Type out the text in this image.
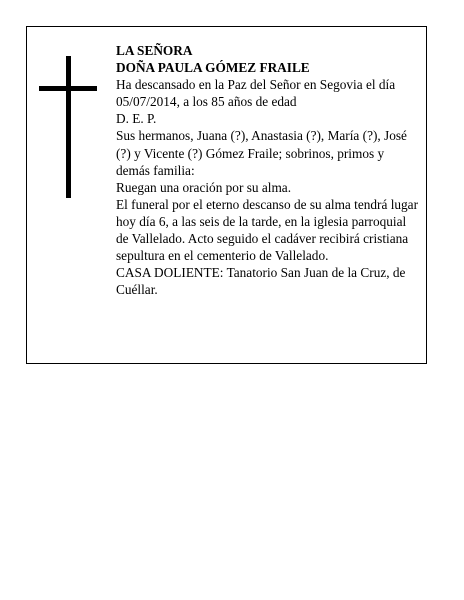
LA SEÑORA

DOÑA PAULA GÓMEZ FRAILE

Ha descansado en la Paz del Señor en Segovia el día 05/07/2014, a los 85 años de edad

D. E. P.

Sus hermanos, Juana (?), Anastasia (?), María (?), José (?) y Vicente (?) Gómez Fraile; sobrinos, primos y demás familia:

Ruegan una oración por su alma.

El funeral por el eterno descanso de su alma tendrá lugar hoy día 6, a las seis de la tarde, en la iglesia parroquial de Vallelado. Acto seguido el cadáver recibirá cristiana sepultura en el cementerio de Vallelado.

CASA DOLIENTE: Tanatorio San Juan de la Cruz, de Cuéllar.
